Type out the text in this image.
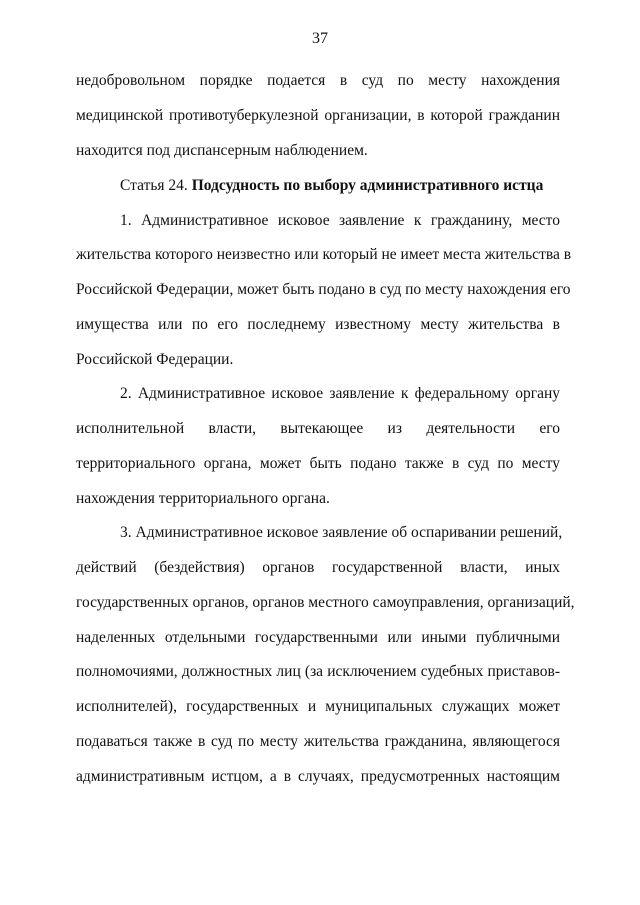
37
недобровольном порядке подается в суд по месту нахождения
медицинской противотуберкулезной организации, в которой гражданин
находится под диспансерным наблюдением.
Статья 24. Подсудность по выбору административного истца
1. Административное исковое заявление к гражданину, место
жительства которого неизвестно или который не имеет места жительства в
Российской Федерации, может быть подано в суд по месту нахождения его
имущества или по его последнему известному месту жительства в
Российской Федерации.
2. Административное исковое заявление к федеральному органу
исполнительной власти, вытекающее из деятельности его
территориального органа, может быть подано также в суд по месту
нахождения территориального органа.
3. Административное исковое заявление об оспаривании решений,
действий (бездействия) органов государственной власти, иных
государственных органов, органов местного самоуправления, организаций,
наделенных отдельными государственными или иными публичными
полномочиями, должностных лиц (за исключением судебных приставов-
исполнителей), государственных и муниципальных служащих может
подаваться также в суд по месту жительства гражданина, являющегося
административным истцом, а в случаях, предусмотренных настоящим
